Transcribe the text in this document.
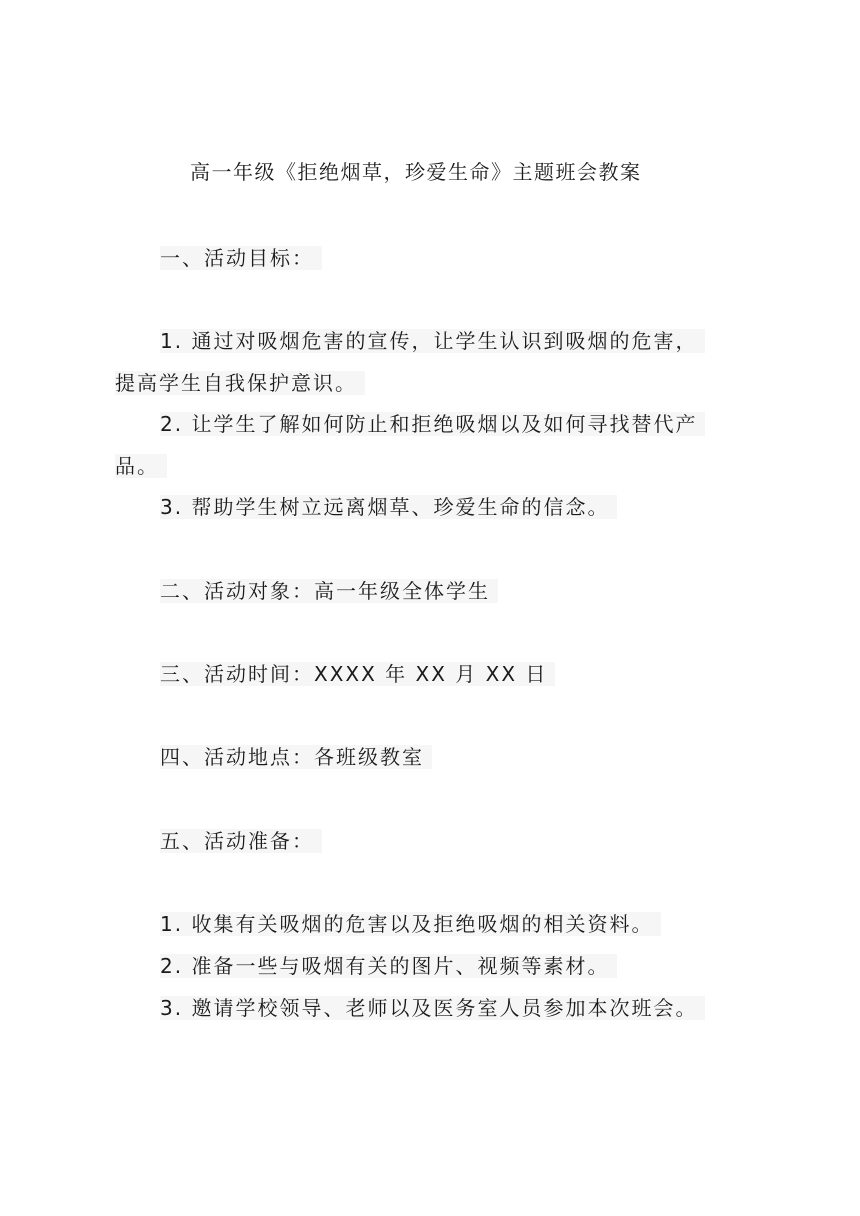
高一年级《拒绝烟草，珍爱生命》主题班会教案
一、活动目标：
1. 通过对吸烟危害的宣传，让学生认识到吸烟的危害，
提高学生自我保护意识。
2. 让学生了解如何防止和拒绝吸烟以及如何寻找替代产
品。
3. 帮助学生树立远离烟草、珍爱生命的信念。
二、活动对象：高一年级全体学生
三、活动时间：XXXX 年 XX 月 XX 日
四、活动地点：各班级教室
五、活动准备：
1. 收集有关吸烟的危害以及拒绝吸烟的相关资料。
2. 准备一些与吸烟有关的图片、视频等素材。
3. 邀请学校领导、老师以及医务室人员参加本次班会。
